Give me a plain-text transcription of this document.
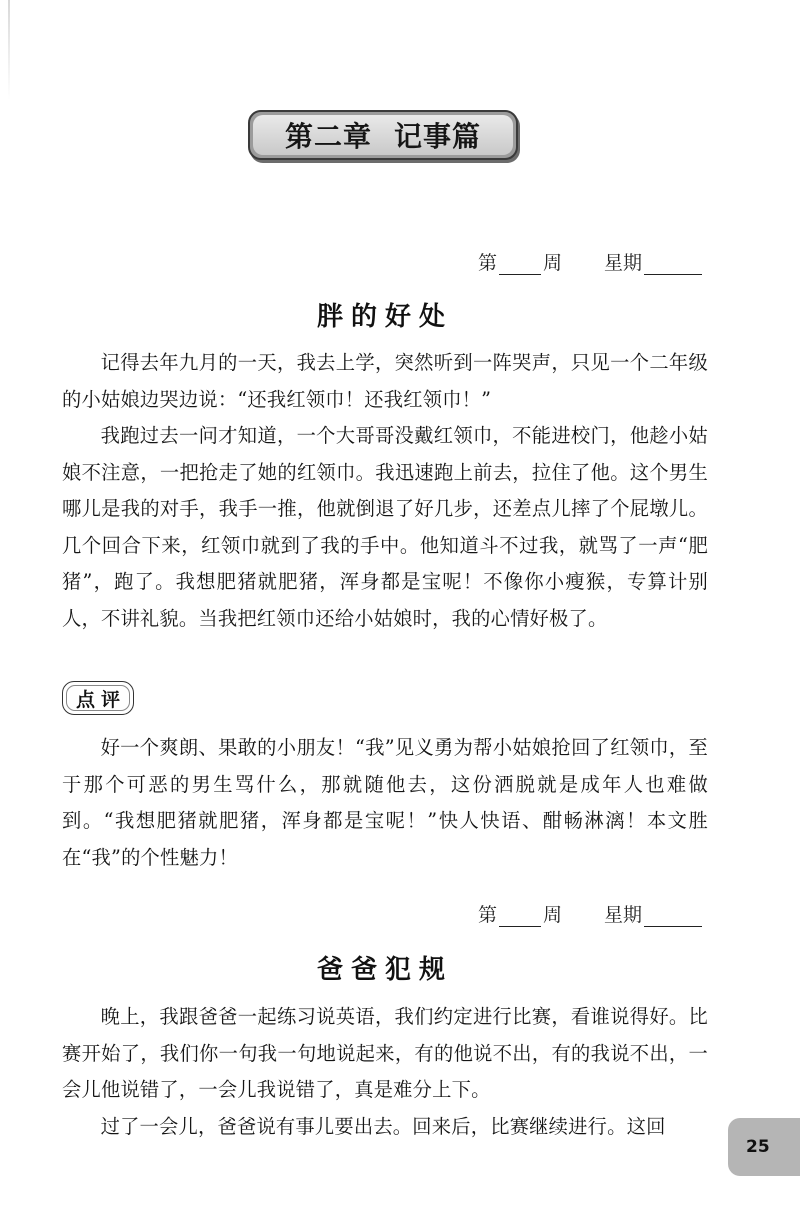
第二章 记事篇
第 周 星期
胖的好处

记得去年九月的一天，我去上学，突然听到一阵哭声，只见一个二年级的小姑娘边哭边说：“还我红领巾！还我红领巾！”

我跑过去一问才知道，一个大哥哥没戴红领巾，不能进校门，他趁小姑娘不注意，一把抢走了她的红领巾。我迅速跑上前去，拉住了他。这个男生哪儿是我的对手，我手一推，他就倒退了好几步，还差点儿摔了个屁墩儿。几个回合下来，红领巾就到了我的手中。他知道斗不过我，就骂了一声“肥猪”，跑了。我想肥猪就肥猪，浑身都是宝呢！不像你小瘦猴，专算计别人，不讲礼貌。当我把红领巾还给小姑娘时，我的心情好极了。

点评

好一个爽朗、果敢的小朋友！“我”见义勇为帮小姑娘抢回了红领巾，至于那个可恶的男生骂什么，那就随他去，这份洒脱就是成年人也难做到。“我想肥猪就肥猪，浑身都是宝呢！”快人快语、酣畅淋漓！本文胜在“我”的个性魅力！

第 周 星期
爸爸犯规

晚上，我跟爸爸一起练习说英语，我们约定进行比赛，看谁说得好。比赛开始了，我们你一句我一句地说起来，有的他说不出，有的我说不出，一会儿他说错了，一会儿我说错了，真是难分上下。

过了一会儿，爸爸说有事儿要出去。回来后，比赛继续进行。这回

25
